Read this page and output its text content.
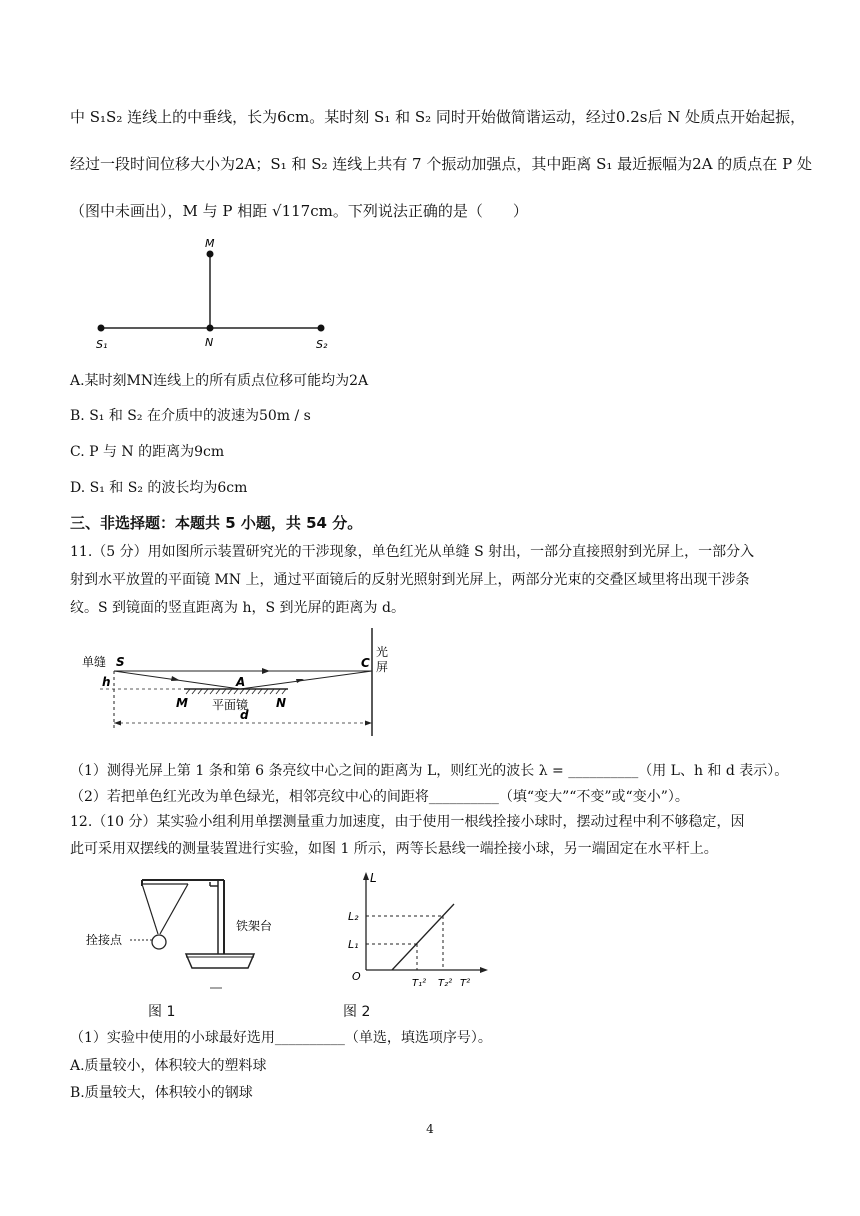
中 S₁S₂ 连线上的中垂线，长为6cm。某时刻 S₁ 和 S₂ 同时开始做简谐运动，经过0.2s后 N 处质点开始起振，
经过一段时间位移大小为2A；S₁ 和 S₂ 连线上共有 7 个振动加强点，其中距离 S₁ 最近振幅为2A 的质点在 P 处
（图中未画出），M 与 P 相距 √117cm。下列说法正确的是（　　）
M
N
S₁	S₂
A.某时刻MN连线上的所有质点位移可能均为2A
B. S₁ 和 S₂ 在介质中的波速为50m / s
C. P 与 N 的距离为9cm
D. S₁ 和 S₂ 的波长均为6cm
三、非选择题：本题共 5 小题，共 54 分。
11.（5 分）用如图所示装置研究光的干涉现象，单色红光从单缝 S 射出，一部分直接照射到光屏上，一部分入
射到水平放置的平面镜 MN 上，通过平面镜后的反射光照射到光屏上，两部分光束的交叠区域里将出现干涉条
纹。S 到镜面的竖直距离为 h，S 到光屏的距离为 d。
单缝 S
h	A
M 平面镜 N
d
C
光
屏
（1）测得光屏上第 1 条和第 6 条亮纹中心之间的距离为 L，则红光的波长 λ = __________（用 L、h 和 d 表示）。
（2）若把单色红光改为单色绿光，相邻亮纹中心的间距将__________（填“变大”“不变”或“变小”）。
12.（10 分）某实验小组利用单摆测量重力加速度，由于使用一根线拴接小球时，摆动过程中利不够稳定，因
此可采用双摆线的测量装置进行实验，如图 1 所示，两等长悬线一端拴接小球，另一端固定在水平杆上。
拴接点
铁架台
图 1
L
L₂
L₁
O
T₁² T₂² T²
图 2
（1）实验中使用的小球最好选用__________（单选，填选项序号）。
A.质量较小，体积较大的塑料球
B.质量较大，体积较小的钢球
4
